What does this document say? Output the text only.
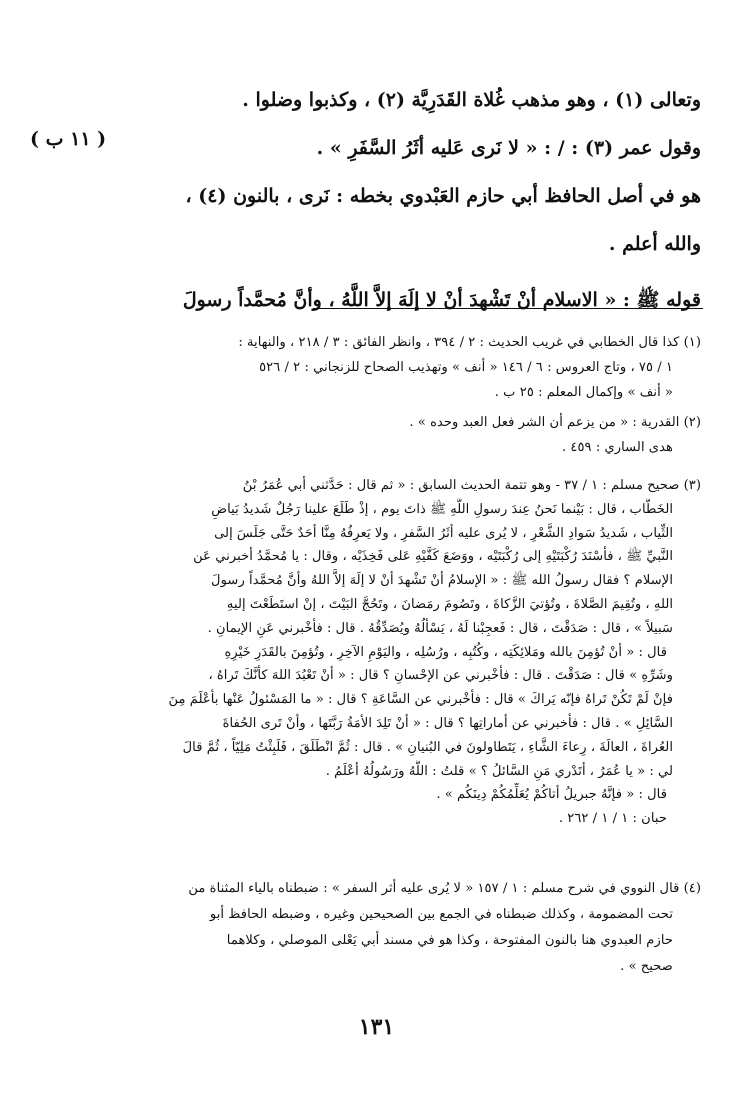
وتعالى (١) ، وهو مذهب غُلاة القَدَرِيَّة (٢) ، وكذبوا وضلوا .
وقول عمر (٣) : / : « لا نَرى عَليه أثَرُ السَّفَرِ » .
هو في أصل الحافظ أبي حازم العَبْدوي بخطه : نَرى ، بالنون (٤) ،
والله أعلم .
قوله ﷺ : « الاسلام أنْ تَشْهدَ أنْ لا إلَهَ إلاَّ اللَّهُ ، وأنَّ مُحمَّداً رسولَ
( ١١ ب )
(١) كذا قال الخطابي في غريب الحديث : ٢ / ٣٩٤ ، وانظر الفائق : ٣ / ٢١٨ ، والنهاية :
١ / ٧٥ ، وتاج العروس : ٦ / ١٤٦ « أنف » وتهذيب الصحاح للزنجاني : ٢ / ٥٢٦
« أنف » وإكمال المعلم : ٢٥ ب .
(٢) القدرية : « من يزعم أن الشر فعل العبد وحده » .
هدى الساري : ٤٥٩ .
(٣) صحيح مسلم : ١ / ٣٧ - وهو تتمة الحديث السابق : « ثم قال : حَدَّثني أبي عُمَرُ بْنُ
الخَطَّاب ، قال : بَيْنما نَحنُ عِندَ رسولِ اللَّهِ ﷺ ذاتَ يوم ، إذْ طَلَعَ علينا رَجُلٌ شَديدُ بَياضِ
الثِّياب ، شَديدُ سَوادِ الشَّعْرِ ، لا يُرى عليه أثَرُ السَّفرِ ، ولا يَعرِفُهُ مِنَّا أحَدٌ حَتَّى جَلَسَ إلى
النَّبيِّ ﷺ ، فأسْنَدَ رُكْبَتَيْهِ إلى رُكْبَتَيْه ، ووَضَعَ كَفَّيْهِ عَلى فَخِذَيْه ، وقال : يا مُحمَّدُ أخبرني عَن
الإسلام ؟ فقال رسولُ الله ﷺ : « الإسلامُ أنْ تَشْهدَ أنْ لا إلَهَ إلاَّ اللهُ وأنَّ مُحمَّداً رسولَ
اللهِ ، وتُقِيمَ الصَّلاةَ ، وتُؤتيَ الزَّكاةَ ، وتَصُومَ رمَضانَ ، وتَحُجَّ البَيْتَ ، إنْ استَطَعْتَ إليهِ
سَبيلاً » ، قال : صَدَقْتَ ، قال : فَعجِبْنا لَهُ ، يَسْألُهُ ويُصَدِّقُهُ . قال : فأخْبرني عَنِ الإيمانِ .
قال : « أنْ تُؤمِنَ بالله ومَلائِكَتِه ، وكُتُبِه ، ورُسُلِه ، واليَوْمِ الآخِرِ ، وتُؤمِنَ بالقَدَرِ خَيْرِهِ
وشَرِّهِ » قال : صَدَقْتَ . قال : فأخْبرني عن الإحْسانِ ؟ قال : « أنْ تَعْبُدَ اللهَ كأنَّكَ تَراهُ ،
فإنْ لَمْ تَكُنْ تَراهُ فإنّه يَراكَ » قال : فأخْبرني عن السَّاعَةِ ؟ قال : « ما المَسْئولُ عَنْها بأعْلَمَ مِنَ
السَّائِلِ » . قال : فأخبرني عن أماراتِها ؟ قال : « أنْ تَلِدَ الأمَةُ رَبَّتَها ، وأنْ تَرى الحُفاةَ
العُراةَ ، العالَةَ ، رِعاءَ الشَّاءِ ، يَتَطاولونَ في البُنيانِ » . قال : ثُمَّ انْطَلَقَ ، فَلَبِثْتُ مَلِيّاً ، ثُمَّ قالَ
لي : « يا عُمَرُ ، أتَدْري مَنِ السَّائلُ ؟ » قلتُ : اللَّهُ ورَسُولُهُ أعْلَمُ .
قال : « فإنَّهُ جبريلُ أتاكُمْ يُعَلِّمُكُمْ دِينَكُم » .
حبان : ١ / ١ / ٢٦٢ .
(٤) قال النووي في شرح مسلم : ١ / ١٥٧ « لا يُرى عليه أثر السفر » : ضبطناه بالياء المثناة من
تحت المضمومة ، وكذلك ضبطناه في الجمع بين الصحيحين وغيره ، وضبطه الحافظ أبو
حازم العبدوي هنا بالنون المفتوحة ، وكذا هو في مسند أبي يَعْلى الموصلي ، وكلاهما
صحيح » .
١٣١
